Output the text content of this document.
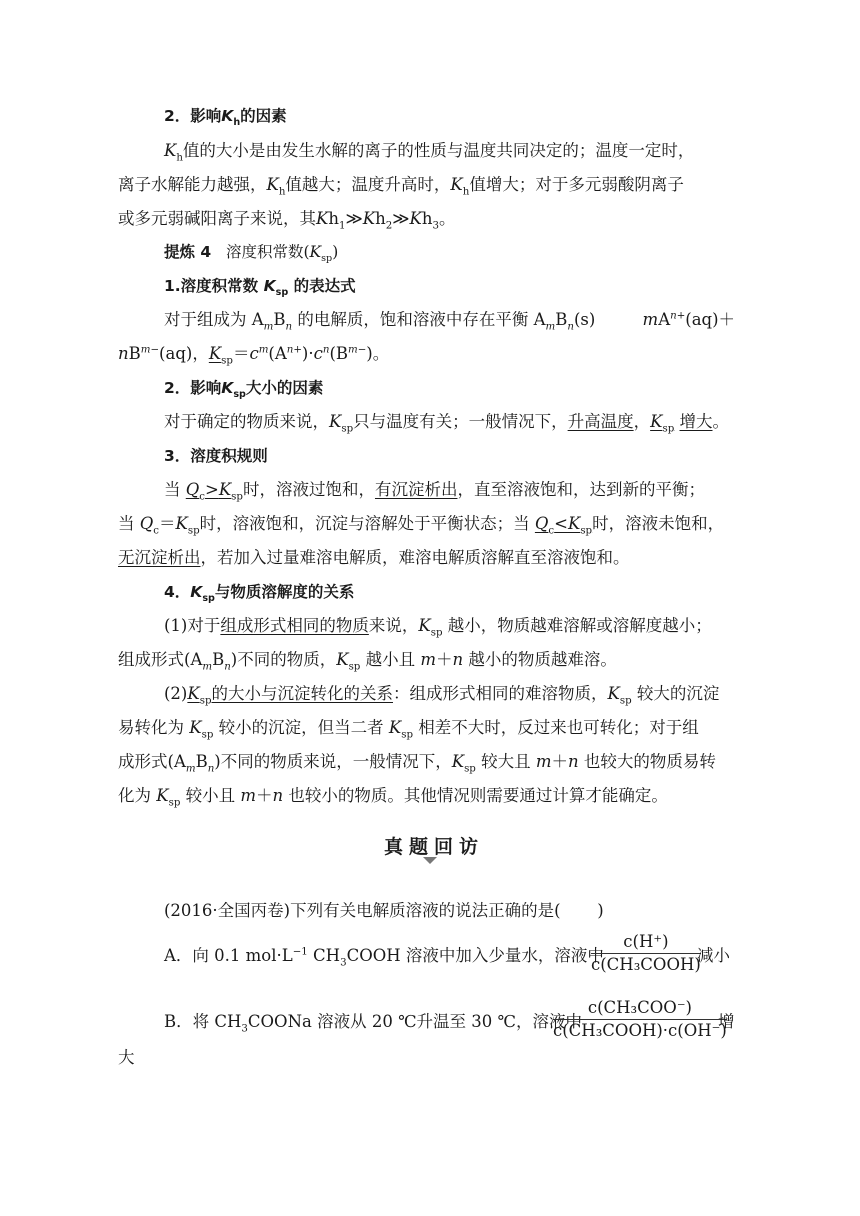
2．影响$K_h$的因素
$K_h$值的大小是由发生水解的离子的性质与温度共同决定的；温度一定时，
离子水解能力越强，$K_h$值越大；温度升高时，$K_h$值增大；对于多元弱酸阴离子
或多元弱碱阳离子来说，其$Kh_1≫Kh_2≫Kh_3$。
提炼 4 溶度积常数$(K_{sp})$
1.溶度积常数 $K_{sp}$ 的表达式
对于组成为 $A_mB_n$ 的电解质，饱和溶液中存在平衡 $A_mB_n(s)$	$mA^{n+}(aq)+$
$nB^{m-}(aq)$，$K_{sp}=c^m(A^{n+})\cdot c^n(B^{m-})$。
2．影响$K_{sp}$大小的因素
对于确定的物质来说，$K_{sp}$只与温度有关；一般情况下，升高温度，$K_{sp}$ 增大。
3．溶度积规则
当 $Q_c>K_{sp}$时，溶液过饱和，有沉淀析出，直至溶液饱和，达到新的平衡；
当 $Q_c=K_{sp}$时，溶液饱和，沉淀与溶解处于平衡状态；当 $Q_c<K_{sp}$时，溶液未饱和，
无沉淀析出，若加入过量难溶电解质，难溶电解质溶解直至溶液饱和。
4．$K_{sp}$与物质溶解度的关系
(1)对于组成形式相同的物质来说，$K_{sp}$ 越小，物质越难溶解或溶解度越小；
组成形式$(A_mB_n)$不同的物质，$K_{sp}$ 越小且 m＋n 越小的物质越难溶。
$(2)K_{sp}$的大小与沉淀转化的关系：组成形式相同的难溶物质，$K_{sp}$ 较大的沉淀
易转化为 $K_{sp}$ 较小的沉淀，但当二者 $K_{sp}$ 相差不大时，反过来也可转化；对于组
成形式$(A_mB_n)$不同的物质来说，一般情况下，$K_{sp}$ 较大且 m＋n 也较大的物质易转
化为 $K_{sp}$ 较小且 m＋n 也较小的物质。其他情况则需要通过计算才能确定。
真题回访
(2016·全国丙卷)下列有关电解质溶液的说法正确的是( )
A．向 0.1 $mol\cdot L^{-1}$ $CH_3COOH$ 溶液中加入少量水，溶液中
c(H⁺)
c(CH₃COOH)
减小
B．将 $CH_3COONa$ 溶液从 20 ℃升温至 30 ℃，溶液中
c(CH₃COO⁻)
c(CH₃COOH)·c(OH⁻)
增
大
